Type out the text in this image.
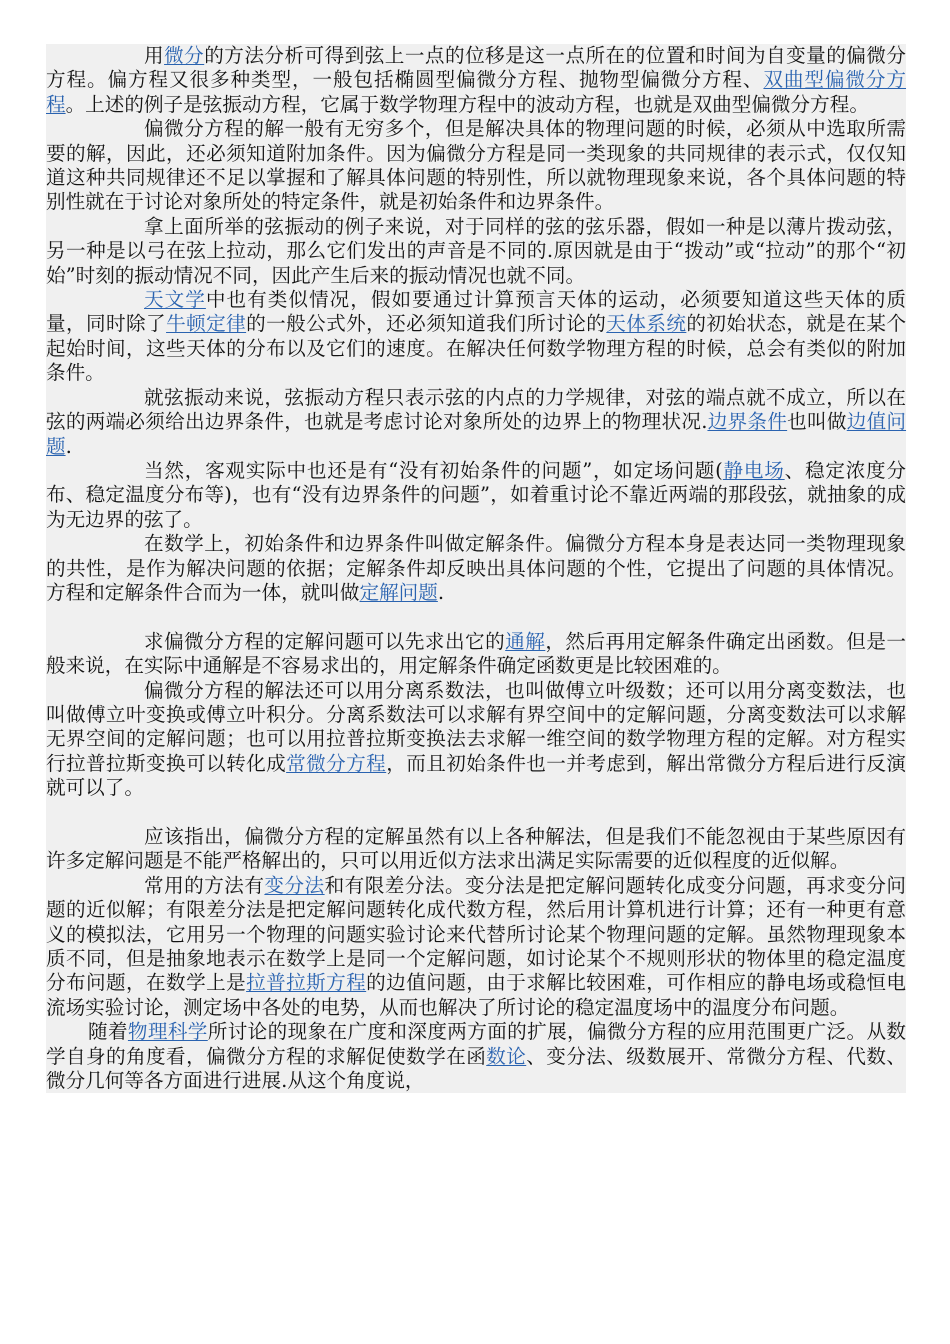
用微分的方法分析可得到弦上一点的位移是这一点所在的位置和时间为自变量的偏微分方程。偏方程又很多种类型，一般包括椭圆型偏微分方程、抛物型偏微分方程、双曲型偏微分方程。上述的例子是弦振动方程，它属于数学物理方程中的波动方程，也就是双曲型偏微分方程。

偏微分方程的解一般有无穷多个，但是解决具体的物理问题的时候，必须从中选取所需要的解，因此，还必须知道附加条件。因为偏微分方程是同一类现象的共同规律的表示式，仅仅知道这种共同规律还不足以掌握和了解具体问题的特别性，所以就物理现象来说，各个具体问题的特别性就在于讨论对象所处的特定条件，就是初始条件和边界条件。

拿上面所举的弦振动的例子来说，对于同样的弦的弦乐器，假如一种是以薄片拨动弦，另一种是以弓在弦上拉动，那么它们发出的声音是不同的.原因就是由于“拨动”或“拉动”的那个“初始”时刻的振动情况不同，因此产生后来的振动情况也就不同。

天文学中也有类似情况，假如要通过计算预言天体的运动，必须要知道这些天体的质量，同时除了牛顿定律的一般公式外，还必须知道我们所讨论的天体系统的初始状态，就是在某个起始时间，这些天体的分布以及它们的速度。在解决任何数学物理方程的时候，总会有类似的附加条件。

就弦振动来说，弦振动方程只表示弦的内点的力学规律，对弦的端点就不成立，所以在弦的两端必须给出边界条件，也就是考虑讨论对象所处的边界上的物理状况.边界条件也叫做边值问题.

当然，客观实际中也还是有“没有初始条件的问题”，如定场问题(静电场、稳定浓度分布、稳定温度分布等)，也有“没有边界条件的问题”，如着重讨论不靠近两端的那段弦，就抽象的成为无边界的弦了。

在数学上，初始条件和边界条件叫做定解条件。偏微分方程本身是表达同一类物理现象的共性，是作为解决问题的依据；定解条件却反映出具体问题的个性，它提出了问题的具体情况。方程和定解条件合而为一体，就叫做定解问题.

求偏微分方程的定解问题可以先求出它的通解，然后再用定解条件确定出函数。但是一般来说，在实际中通解是不容易求出的，用定解条件确定函数更是比较困难的。

偏微分方程的解法还可以用分离系数法，也叫做傅立叶级数；还可以用分离变数法，也叫做傅立叶变换或傅立叶积分。分离系数法可以求解有界空间中的定解问题，分离变数法可以求解无界空间的定解问题；也可以用拉普拉斯变换法去求解一维空间的数学物理方程的定解。对方程实行拉普拉斯变换可以转化成常微分方程，而且初始条件也一并考虑到，解出常微分方程后进行反演就可以了。

应该指出，偏微分方程的定解虽然有以上各种解法，但是我们不能忽视由于某些原因有许多定解问题是不能严格解出的，只可以用近似方法求出满足实际需要的近似程度的近似解。

常用的方法有变分法和有限差分法。变分法是把定解问题转化成变分问题，再求变分问题的近似解；有限差分法是把定解问题转化成代数方程，然后用计算机进行计算；还有一种更有意义的模拟法，它用另一个物理的问题实验讨论来代替所讨论某个物理问题的定解。虽然物理现象本质不同，但是抽象地表示在数学上是同一个定解问题，如讨论某个不规则形状的物体里的稳定温度分布问题，在数学上是拉普拉斯方程的边值问题，由于求解比较困难，可作相应的静电场或稳恒电流场实验讨论，测定场中各处的电势，从而也解决了所讨论的稳定温度场中的温度分布问题。

随着物理科学所讨论的现象在广度和深度两方面的扩展，偏微分方程的应用范围更广泛。从数学自身的角度看，偏微分方程的求解促使数学在函数论、变分法、级数展开、常微分方程、代数、微分几何等各方面进行进展.从这个角度说，
